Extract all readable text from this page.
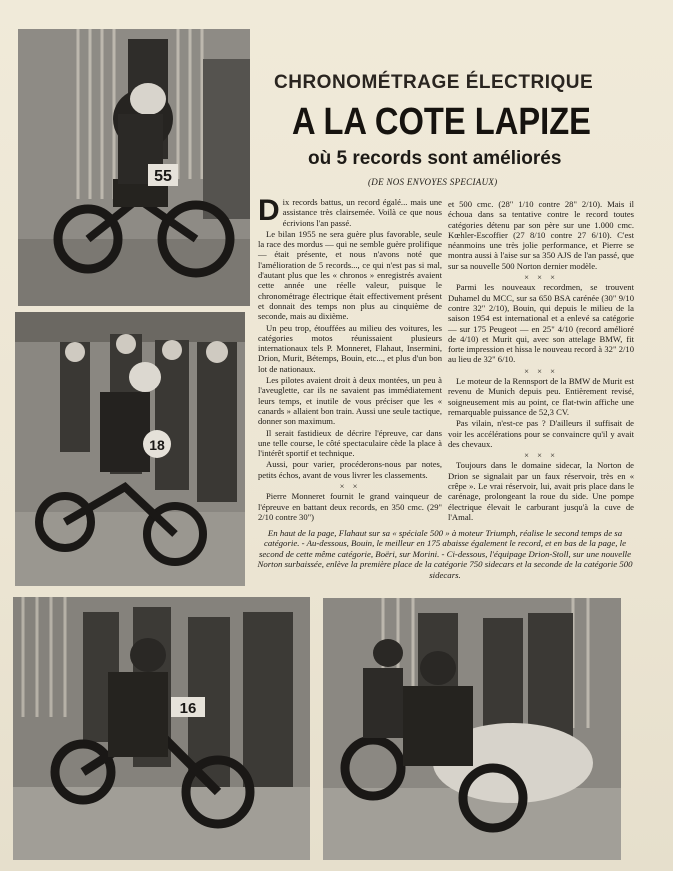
55
18
16
CHRONOMÉTRAGE ÉLECTRIQUE
A LA COTE LAPIZE
où 5 records sont améliorés
(DE NOS ENVOYES SPECIAUX)

Dix records battus, un record égalé... mais une assistance très clairsemée. Voilà ce que nous écrivions l'an passé.

Le bilan 1955 ne sera guère plus favorable, seule la race des mordus — qui ne semble guère prolifique — était présente, et nous n'avons noté que l'amélioration de 5 records..., ce qui n'est pas si mal, d'autant plus que les « chronos » enregistrés avaient cette année une réelle valeur, puisque le chronométrage électrique était effectivement présent et donnait des temps non plus au cinquième de seconde, mais au dixième.

Un peu trop, étouffées au milieu des voitures, les catégories motos réunissaient plusieurs internationaux tels P. Monneret, Flahaut, Insermini, Drion, Murit, Bétemps, Bouin, etc..., et plus d'un bon lot de nationaux.

Les pilotes avaient droit à deux montées, un peu à l'aveuglette, car ils ne savaient pas immédiatement leurs temps, et inutile de vous préciser que les « canards » allaient bon train. Aussi une seule tactique, donner son maximum.

Il serait fastidieux de décrire l'épreuve, car dans une telle course, le côté spectaculaire cède la place à l'intérêt sportif et technique.

Aussi, pour varier, procéderons-nous par notes, petits échos, avant de vous livrer les classements.

× ×

Pierre Monneret fournit le grand vainqueur de l'épreuve en battant deux records, en 350 cmc. (29" 2/10 contre 30")

et 500 cmc. (28" 1/10 contre 28" 2/10). Mais il échoua dans sa tentative contre le record toutes catégories détenu par son père sur une 1.000 cmc. Kœhler-Escoffier (27 8/10 contre 27 6/10). C'est néanmoins une très jolie performance, et Pierre se montra aussi à l'aise sur sa 350 AJS de l'an passé, que sur sa nouvelle 500 Norton dernier modèle.

× × ×

Parmi les nouveaux recordmen, se trouvent Duhamel du MCC, sur sa 650 BSA carénée (30" 9/10 contre 32" 2/10), Bouin, qui depuis le milieu de la saison 1954 est international et a enlevé sa catégorie — sur 175 Peugeot — en 25" 4/10 (record amélioré de 4/10) et Murit qui, avec son attelage BMW, fit forte impression et hissa le nouveau record à 32" 2/10 au lieu de 32" 6/10.

× × ×

Le moteur de la Rennsport de la BMW de Murit est revenu de Munich depuis peu. Entièrement revisé, soigneusement mis au point, ce flat-twin affiche une remarquable puissance de 52,3 CV.

Pas vilain, n'est-ce pas ? D'ailleurs il suffisait de voir les accélérations pour se convaincre qu'il y avait des chevaux.

× × ×

Toujours dans le domaine sidecar, la Norton de Drion se signalait par un faux réservoir, très en « crêpe ». Le vrai réservoir, lui, avait pris place dans le carénage, prolongeant la roue du side. Une pompe électrique élevait le carburant jusqu'à la cuve de l'Amal.

En haut de la page, Flahaut sur sa « spéciale 500 » à moteur Triumph, réalise le second temps de sa catégorie. - Au-dessous, Bouin, le meilleur en 175 abaisse également le record, et en bas de la page, le second de cette même catégorie, Boëri, sur Morini. - Ci-dessous, l'équipage Drion-Stoll, sur une nouvelle Norton surbaissée, enlève la première place de la catégorie 750 sidecars et la seconde de la catégorie 500 sidecars.
